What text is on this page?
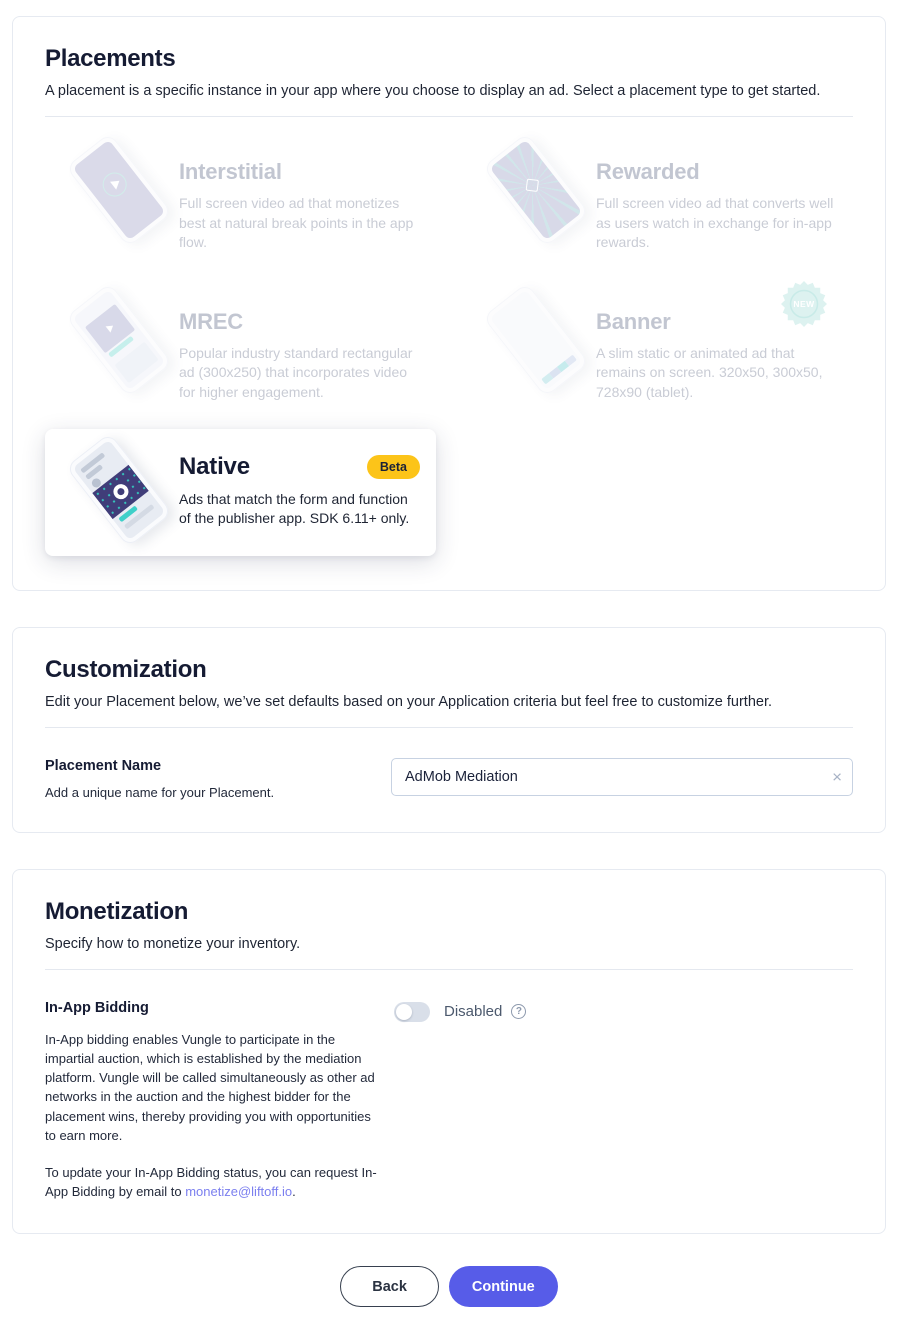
Placements

A placement is a specific instance in your app where you choose to display an ad. Select a placement type to get started.

Interstitial
Full screen video ad that monetizes best at natural break points in the app flow.
Rewarded
Full screen video ad that converts well as users watch in exchange for in-app rewards.
MREC
Popular industry standard rectangular ad (300x250) that incorporates video for higher engagement.
Banner
A slim static or animated ad that remains on screen. 320x50, 300x50, 728x90 (tablet).
NEW
Native	Beta
Ads that match the form and function of the publisher app. SDK 6.11+ only.
Customization

Edit your Placement below, we’ve set defaults based on your Application criteria but feel free to customize further.

Placement Name
Add a unique name for your Placement.
AdMob Mediation
×
Monetization

Specify how to monetize your inventory.

In-App Bidding

In-App bidding enables Vungle to participate in the impartial auction, which is established by the mediation platform. Vungle will be called simultaneously as other ad networks in the auction and the highest bidder for the placement wins, thereby providing you with opportunities to earn more.

To update your In-App Bidding status, you can request In-App Bidding by email to monetize@liftoff.io.

Disabled	?
Back	Continue
